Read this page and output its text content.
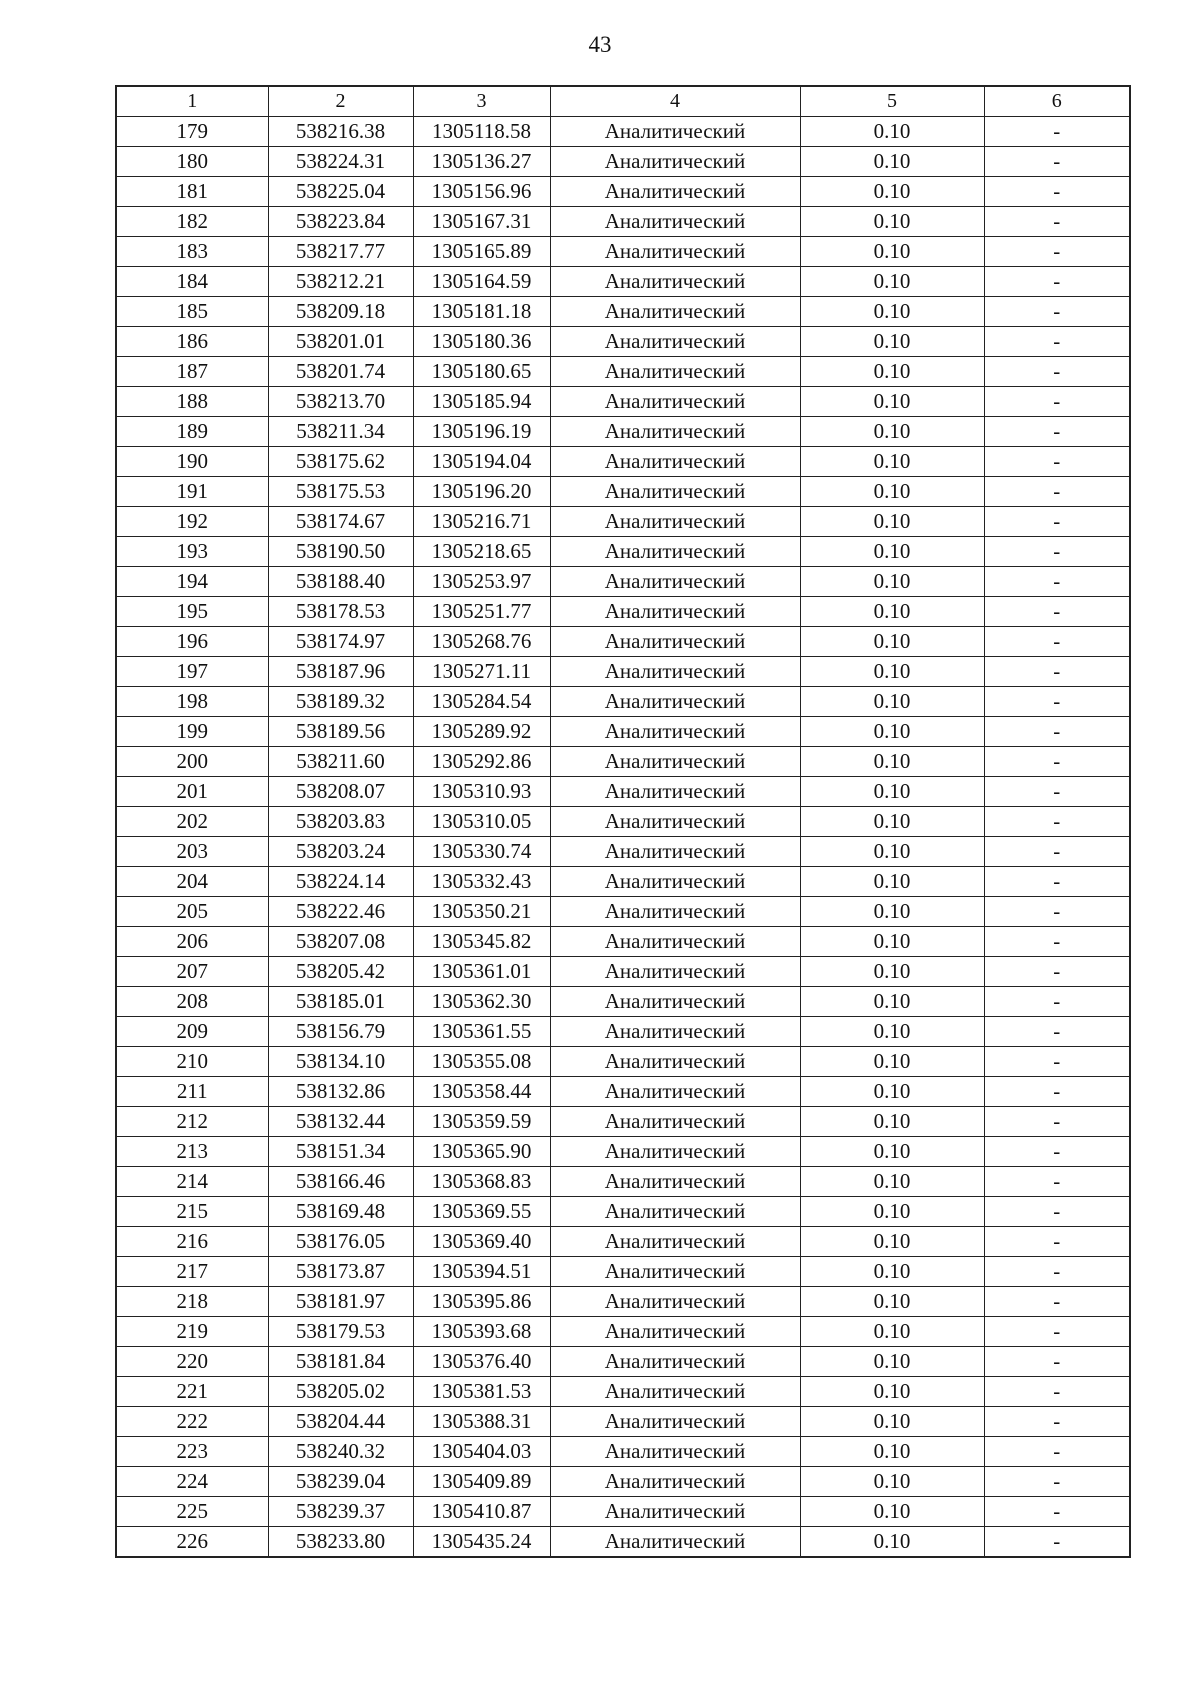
43
1	2	3	4	5	6
179	538216.38	1305118.58	Аналитический	0.10	-
180	538224.31	1305136.27	Аналитический	0.10	-
181	538225.04	1305156.96	Аналитический	0.10	-
182	538223.84	1305167.31	Аналитический	0.10	-
183	538217.77	1305165.89	Аналитический	0.10	-
184	538212.21	1305164.59	Аналитический	0.10	-
185	538209.18	1305181.18	Аналитический	0.10	-
186	538201.01	1305180.36	Аналитический	0.10	-
187	538201.74	1305180.65	Аналитический	0.10	-
188	538213.70	1305185.94	Аналитический	0.10	-
189	538211.34	1305196.19	Аналитический	0.10	-
190	538175.62	1305194.04	Аналитический	0.10	-
191	538175.53	1305196.20	Аналитический	0.10	-
192	538174.67	1305216.71	Аналитический	0.10	-
193	538190.50	1305218.65	Аналитический	0.10	-
194	538188.40	1305253.97	Аналитический	0.10	-
195	538178.53	1305251.77	Аналитический	0.10	-
196	538174.97	1305268.76	Аналитический	0.10	-
197	538187.96	1305271.11	Аналитический	0.10	-
198	538189.32	1305284.54	Аналитический	0.10	-
199	538189.56	1305289.92	Аналитический	0.10	-
200	538211.60	1305292.86	Аналитический	0.10	-
201	538208.07	1305310.93	Аналитический	0.10	-
202	538203.83	1305310.05	Аналитический	0.10	-
203	538203.24	1305330.74	Аналитический	0.10	-
204	538224.14	1305332.43	Аналитический	0.10	-
205	538222.46	1305350.21	Аналитический	0.10	-
206	538207.08	1305345.82	Аналитический	0.10	-
207	538205.42	1305361.01	Аналитический	0.10	-
208	538185.01	1305362.30	Аналитический	0.10	-
209	538156.79	1305361.55	Аналитический	0.10	-
210	538134.10	1305355.08	Аналитический	0.10	-
211	538132.86	1305358.44	Аналитический	0.10	-
212	538132.44	1305359.59	Аналитический	0.10	-
213	538151.34	1305365.90	Аналитический	0.10	-
214	538166.46	1305368.83	Аналитический	0.10	-
215	538169.48	1305369.55	Аналитический	0.10	-
216	538176.05	1305369.40	Аналитический	0.10	-
217	538173.87	1305394.51	Аналитический	0.10	-
218	538181.97	1305395.86	Аналитический	0.10	-
219	538179.53	1305393.68	Аналитический	0.10	-
220	538181.84	1305376.40	Аналитический	0.10	-
221	538205.02	1305381.53	Аналитический	0.10	-
222	538204.44	1305388.31	Аналитический	0.10	-
223	538240.32	1305404.03	Аналитический	0.10	-
224	538239.04	1305409.89	Аналитический	0.10	-
225	538239.37	1305410.87	Аналитический	0.10	-
226	538233.80	1305435.24	Аналитический	0.10	-
